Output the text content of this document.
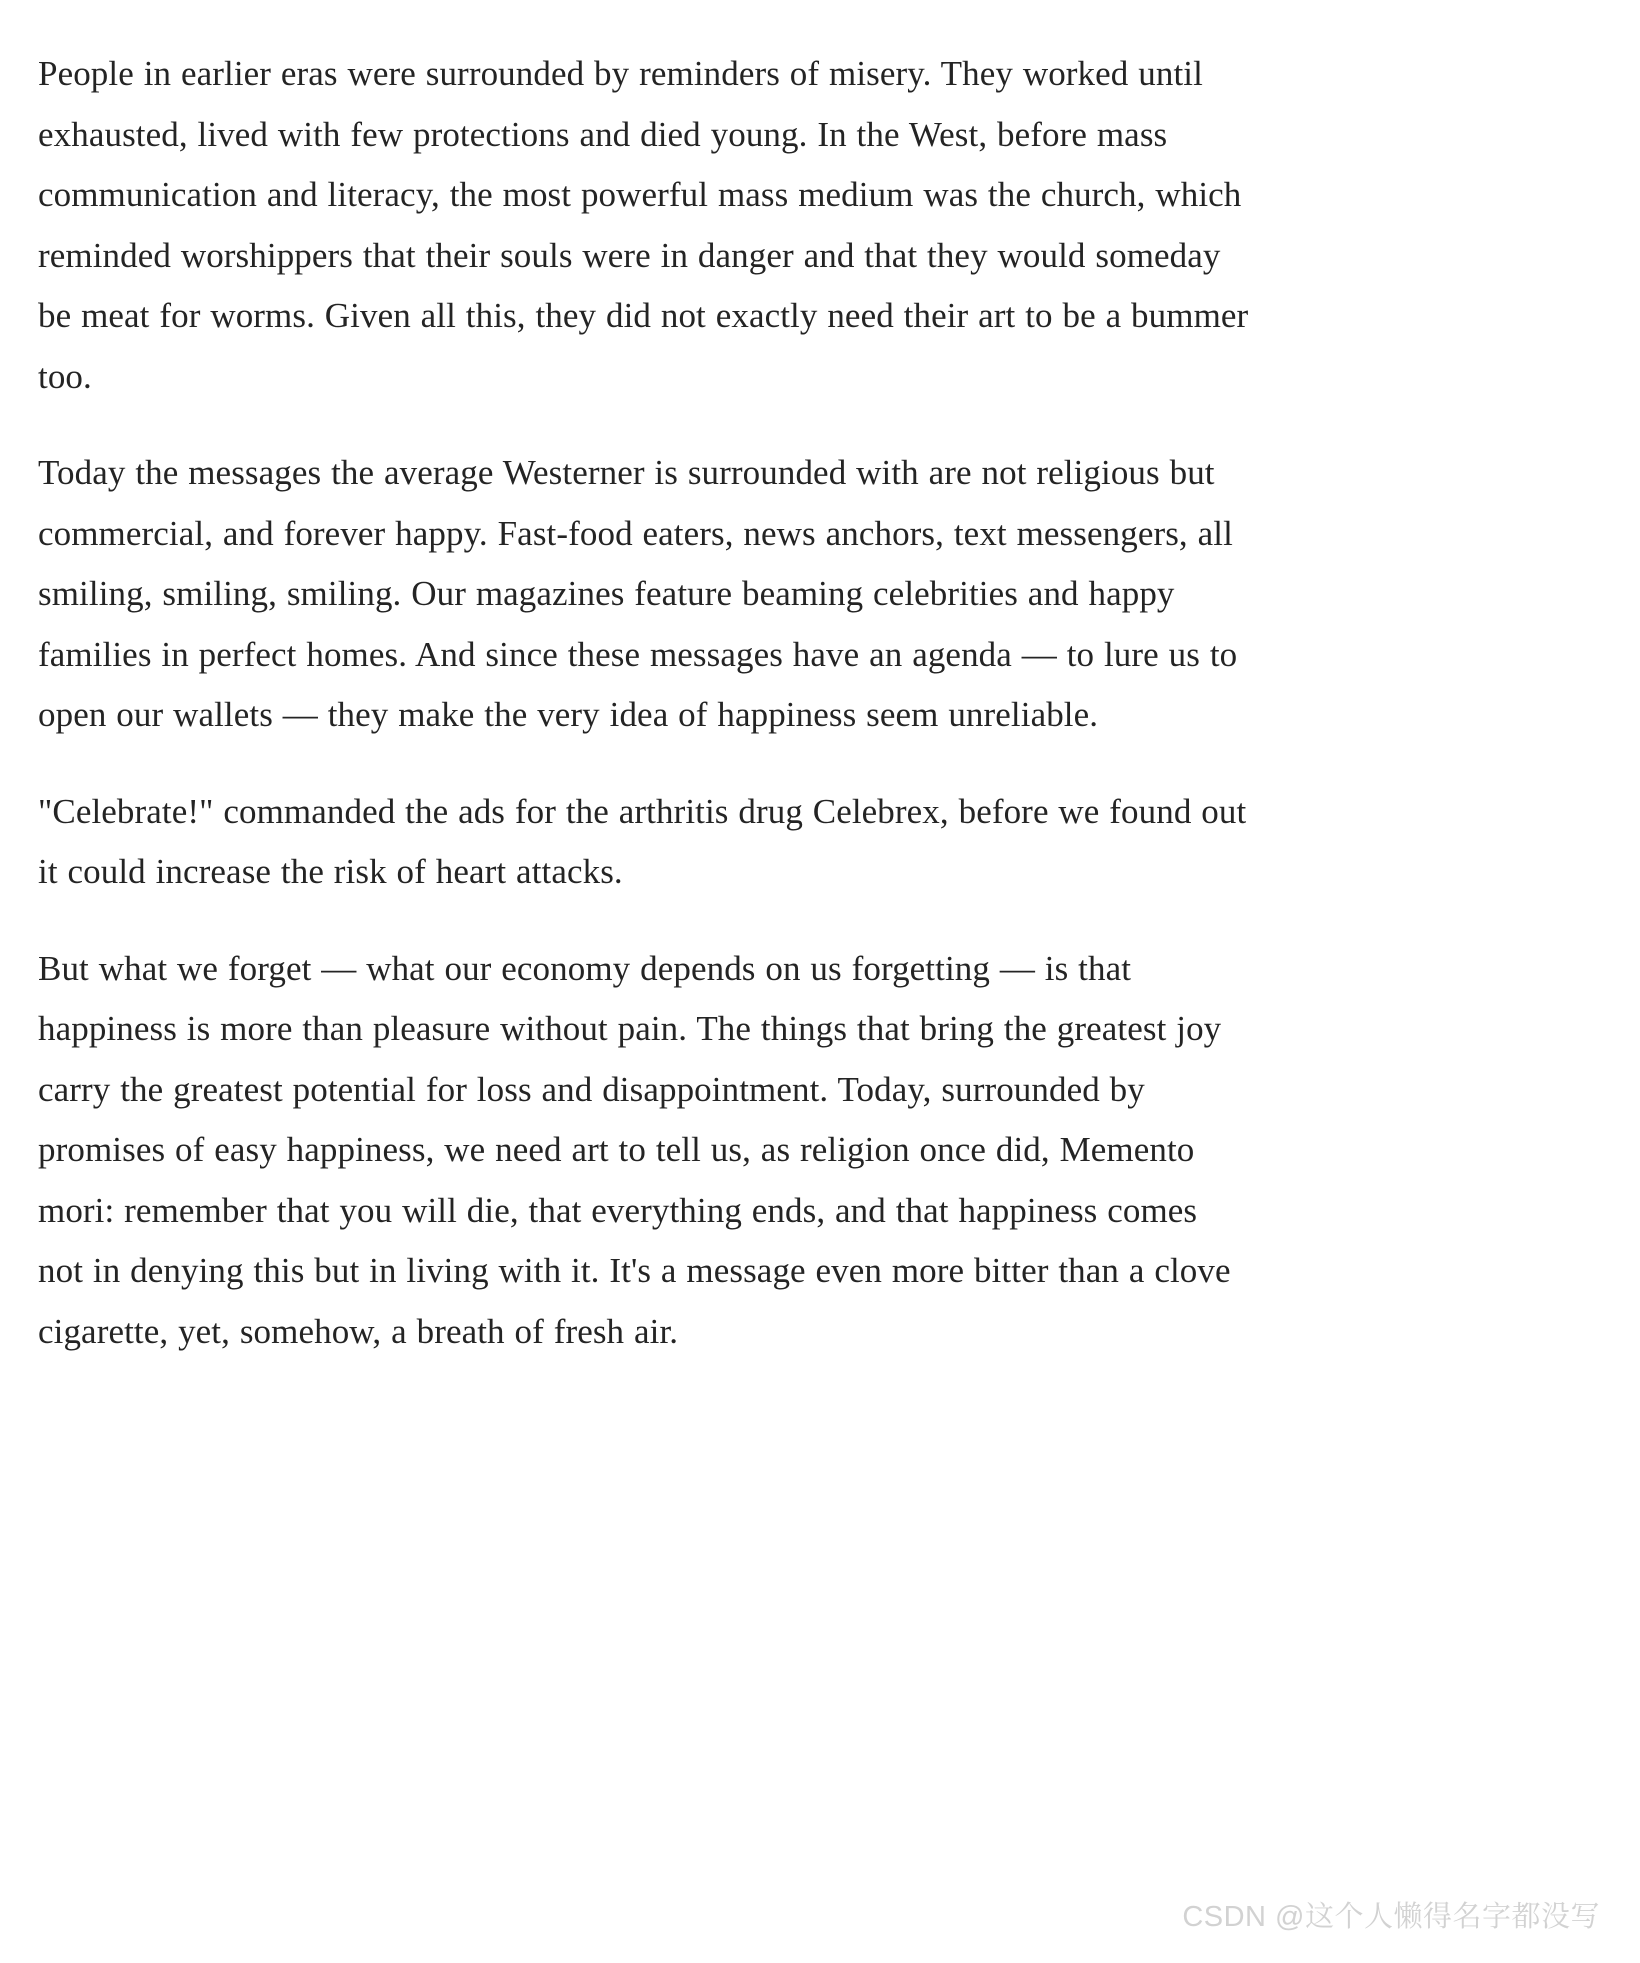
People in earlier eras were surrounded by reminders of misery. They worked until exhausted, lived with few protections and died young. In the West, before mass communication and literacy, the most powerful mass medium was the church, which reminded worshippers that their souls were in danger and that they would someday be meat for worms. Given all this, they did not exactly need their art to be a bummer too.

Today the messages the average Westerner is surrounded with are not religious but commercial, and forever happy. Fast-food eaters, news anchors, text messengers, all smiling, smiling, smiling. Our magazines feature beaming celebrities and happy families in perfect homes. And since these messages have an agenda — to lure us to open our wallets — they make the very idea of happiness seem unreliable.

"Celebrate!" commanded the ads for the arthritis drug Celebrex, before we found out it could increase the risk of heart attacks.

But what we forget — what our economy depends on us forgetting — is that happiness is more than pleasure without pain. The things that bring the greatest joy carry the greatest potential for loss and disappointment. Today, surrounded by promises of easy happiness, we need art to tell us, as religion once did, Memento mori: remember that you will die, that everything ends, and that happiness comes not in denying this but in living with it. It's a message even more bitter than a clove cigarette, yet, somehow, a breath of fresh air.

CSDN @这个人懒得名字都没写
